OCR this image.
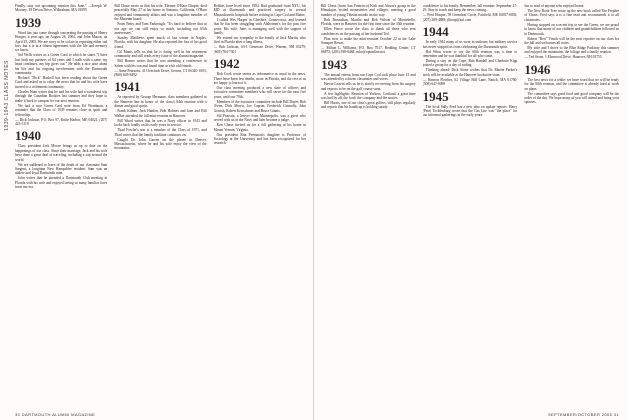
1939-1943 CLASS NOTES

Finally...stay out upcoming reunion this June." —Joseph W. Mooney, 39 Devon Drive, Wilbraham, MA 01095

1939

Word has just come through concerning the passing of Henry Hooper, a year ago, on August 26, 2004, and John Mason, on April 25, 2005. We are sorry to be so late in reporting either sad loss, but it is in a fitness agreement with the life and memory we know.

Sid Wells writes us a Green Card to which he states "I have lost both my partners of 64 years and I walk with a cane; my heart continues, my hip gives out." He adds a nice note about his life and his ongoing involvement with the Dartmouth community.

Richard "Dick" Haskell has been reading about the Green Card and asked us to relay the news that he and his wife have moved to a retirement community.

Charles Hunt writes that he and his wife had a wonderful trip through the Canadian Rockies last summer and they hope to make it back to campus for our next reunion.

We had a nice Green Card note from Ed Woodman, a reminder that the Class of 1939 remains close in spirit and fellowship.

— Dick Jackson, P.O. Box 97, Kittle Harbor, ME 04021; (207) 423-5119

1940

Class president Jack Moore brings us up to date on the happenings of our class. Since their marriage, Jack and his wife have done a great deal of traveling, including a trip around the world.

We are saddened to learn of the death of our classmate Sam Sargent, a longtime New Hampshire resident. Sam was an athlete and loyal Dartmouth man.

John writes that he attended a Dartmouth Club meeting in Florida with his wife and enjoyed seeing so many familiar faces from our era.

Bill Chase wrote us that his wife, Eleanor O'Hara Chapin, died peacefully May 27 at her home in Sonoma, California. O'Hara enjoyed and community affairs and was a longtime member of the Museum board.

From Betty and Tom Yarbrough: "It's hard to believe that at our age we can still enjoy so much, including our 65th anniversary."

Stanley Matthews spent much of last winter in Naples, Florida, with his daughter. He also reported the loss of his good friend.

Gil Manis tells us that he is doing well in his retirement community and still reads every issue of the alumni magazine.

Bill Horner writes that he was attending a conference in Salem with his son and found time to visit old friends.

— Anne Pearsons, 41 Overlook Drive, Groton, CT 06340-1003; (860) 649-8492

1941

As reported by George Hermann, class members gathered at the Hanover Inn in honor of the class's 64th reunion with a dinner and good spirits.

Frank Kilmer, Jack Hanlon, Bob Holmes and Jane and Bill Walker attended the fall mini-reunion in Hanover.

Bill Wood writes that he was a Navy officer in 1943 and looks back fondly on his early years in service.

Thad Fowler's son is a member of the Class of 1971, and Thad writes that the family tradition continues on.

Caught Dr. John Garren on the phone in Denver, Massachusetts, where he and his wife enjoy the view of the mountains.

Bobbie, have lived since 1984. Bud graduated from NYU, his MD at Dartmouth and practiced surgery in several Massachusetts hospitals before retiring in Cape Cod and Maine.

I called Wes Harper in Cheshire, Connecticut, and learned that he has been struggling with Alzheimer's for the past five years. His wife, Jane, is managing well with the support of family.

We extend our sympathy to the family of Jack Martin, who died in Florida after a long illness.

— Bob Jackson, 63-1 Genessee Drive, Warren, NH 03279; (603) 764-7301

1942

Bob Cook wrote seems as informative as usual in the news. There have been few deaths, more in Florida, and the rest of us are happy to learn of it.

Our class meeting produced a new slate of officers and executive committee members who will serve for the next five years, until our 70th.

Members of the executive committee include Bill Dayer, Bob Owen, Dick Morris, Joe Capron, Frederick Connolly, John Gerrish, Robert Kretschmer and Bruce Ginnis.

Sid Pearson, a lawyer from Minneapolis, was a guest who served with us in the Navy and later became a judge.

Ken Chase invited us for a fall gathering at his home in Mount Vernon, Virginia.

Our president Rita Pressman's daughter is Professor of Sociology at the University and has been recognized for her research.

30 DARTMOUTH ALUMNI MAGAZINE

Bill Chess (from San Francisco) Kirk and Alison's group in the Himalayas visited monasteries and villages, meeting a good number of young Tibetan monks on the way.

Bob Bresnahan, Martha and Bob Wilson of Montebello, Florida, were in Hanover for the first time since the 35th reunion.

Ellen Pierce wrote the class to thank all those who sent condolences on the passing of her husband Ted.

Plan now to make the mini-reunion October 22 at the Lake Sunapee Resort.

— Milton L. Williams, P.O. Box 7017, Redding Center, CT 06875; (203) 938-8484; mlw@optonline.net

1943

The annual retreat from our Cape Cod took place June 15 and was attended by a dozen classmates and wives.

Hawie Leavitt tells us he is slowly recovering from his surgery and expects to be on the golf course soon.

A few highlights: Reunion of Yorkers, Cortland, a great time was had by all; the food, the company and the stories.

Bill Harris, one of our class's great golfers, still plays regularly and reports that his handicap is holding steady.

condolence to his family. Remember, fall reunion: September 27-29. Stay in touch and keep the news coming.

— Fred Hooper, 59 Greenleaf Circle, Fairfield, ME 04937-0003; (207) 289-4888; jfhoop@aol.com

1944

In early 1944 many of us were in uniform; but military service has never stopped us from celebrating the Dartmouth spirit.

Hal Winn wrote to say the 60th reunion was a time to remember and he was thankful for all who came.

During a stay on the Cape, Bob Randall and Charlotte Kipp joined a group for a day of sailing.

Thinking ahead: Dick Stone wishes that Dr. Martin Parker's book will be available at the Hanover bookstore soon.

— Hanson Fletcher, 62 Village Hill Lane, Natick, MA 01760; (508) 647-0098

1945

The local Sally Fred has a new idea on update reports: Harry (Pete) Tecklenburg wrote that the Gas Lite was "the place" for our informal gatherings in the early years.

fun to read of anyone who enjoyed home.

The New Book Tree wrote up the new book called The Prophet of Chaos. Fred says it is a fine read and recommends it to all classmates.

Having stopped on a recent trip to see the Green, we are proud to know that many of our children and grandchildren followed us to Dartmouth.

Robert "Bert" Vinick will be the next reporter on our class for the fall and welcomes all notes.

My wife and I drove to the Blue Ridge Parkway this summer and enjoyed the mountains, the foliage and a family reunion.

— Ted Stone, 1 Elmwood Drive, Hanover, NH 03755

1946

The best news for a while: we have word that we will be ready for the 60th reunion, and the committee is already hard at work on plans.

The committee says good food and good company will be the order of the day. We hope many of you will attend and bring your spouses.

SEPTEMBER/OCTOBER 2005 31
